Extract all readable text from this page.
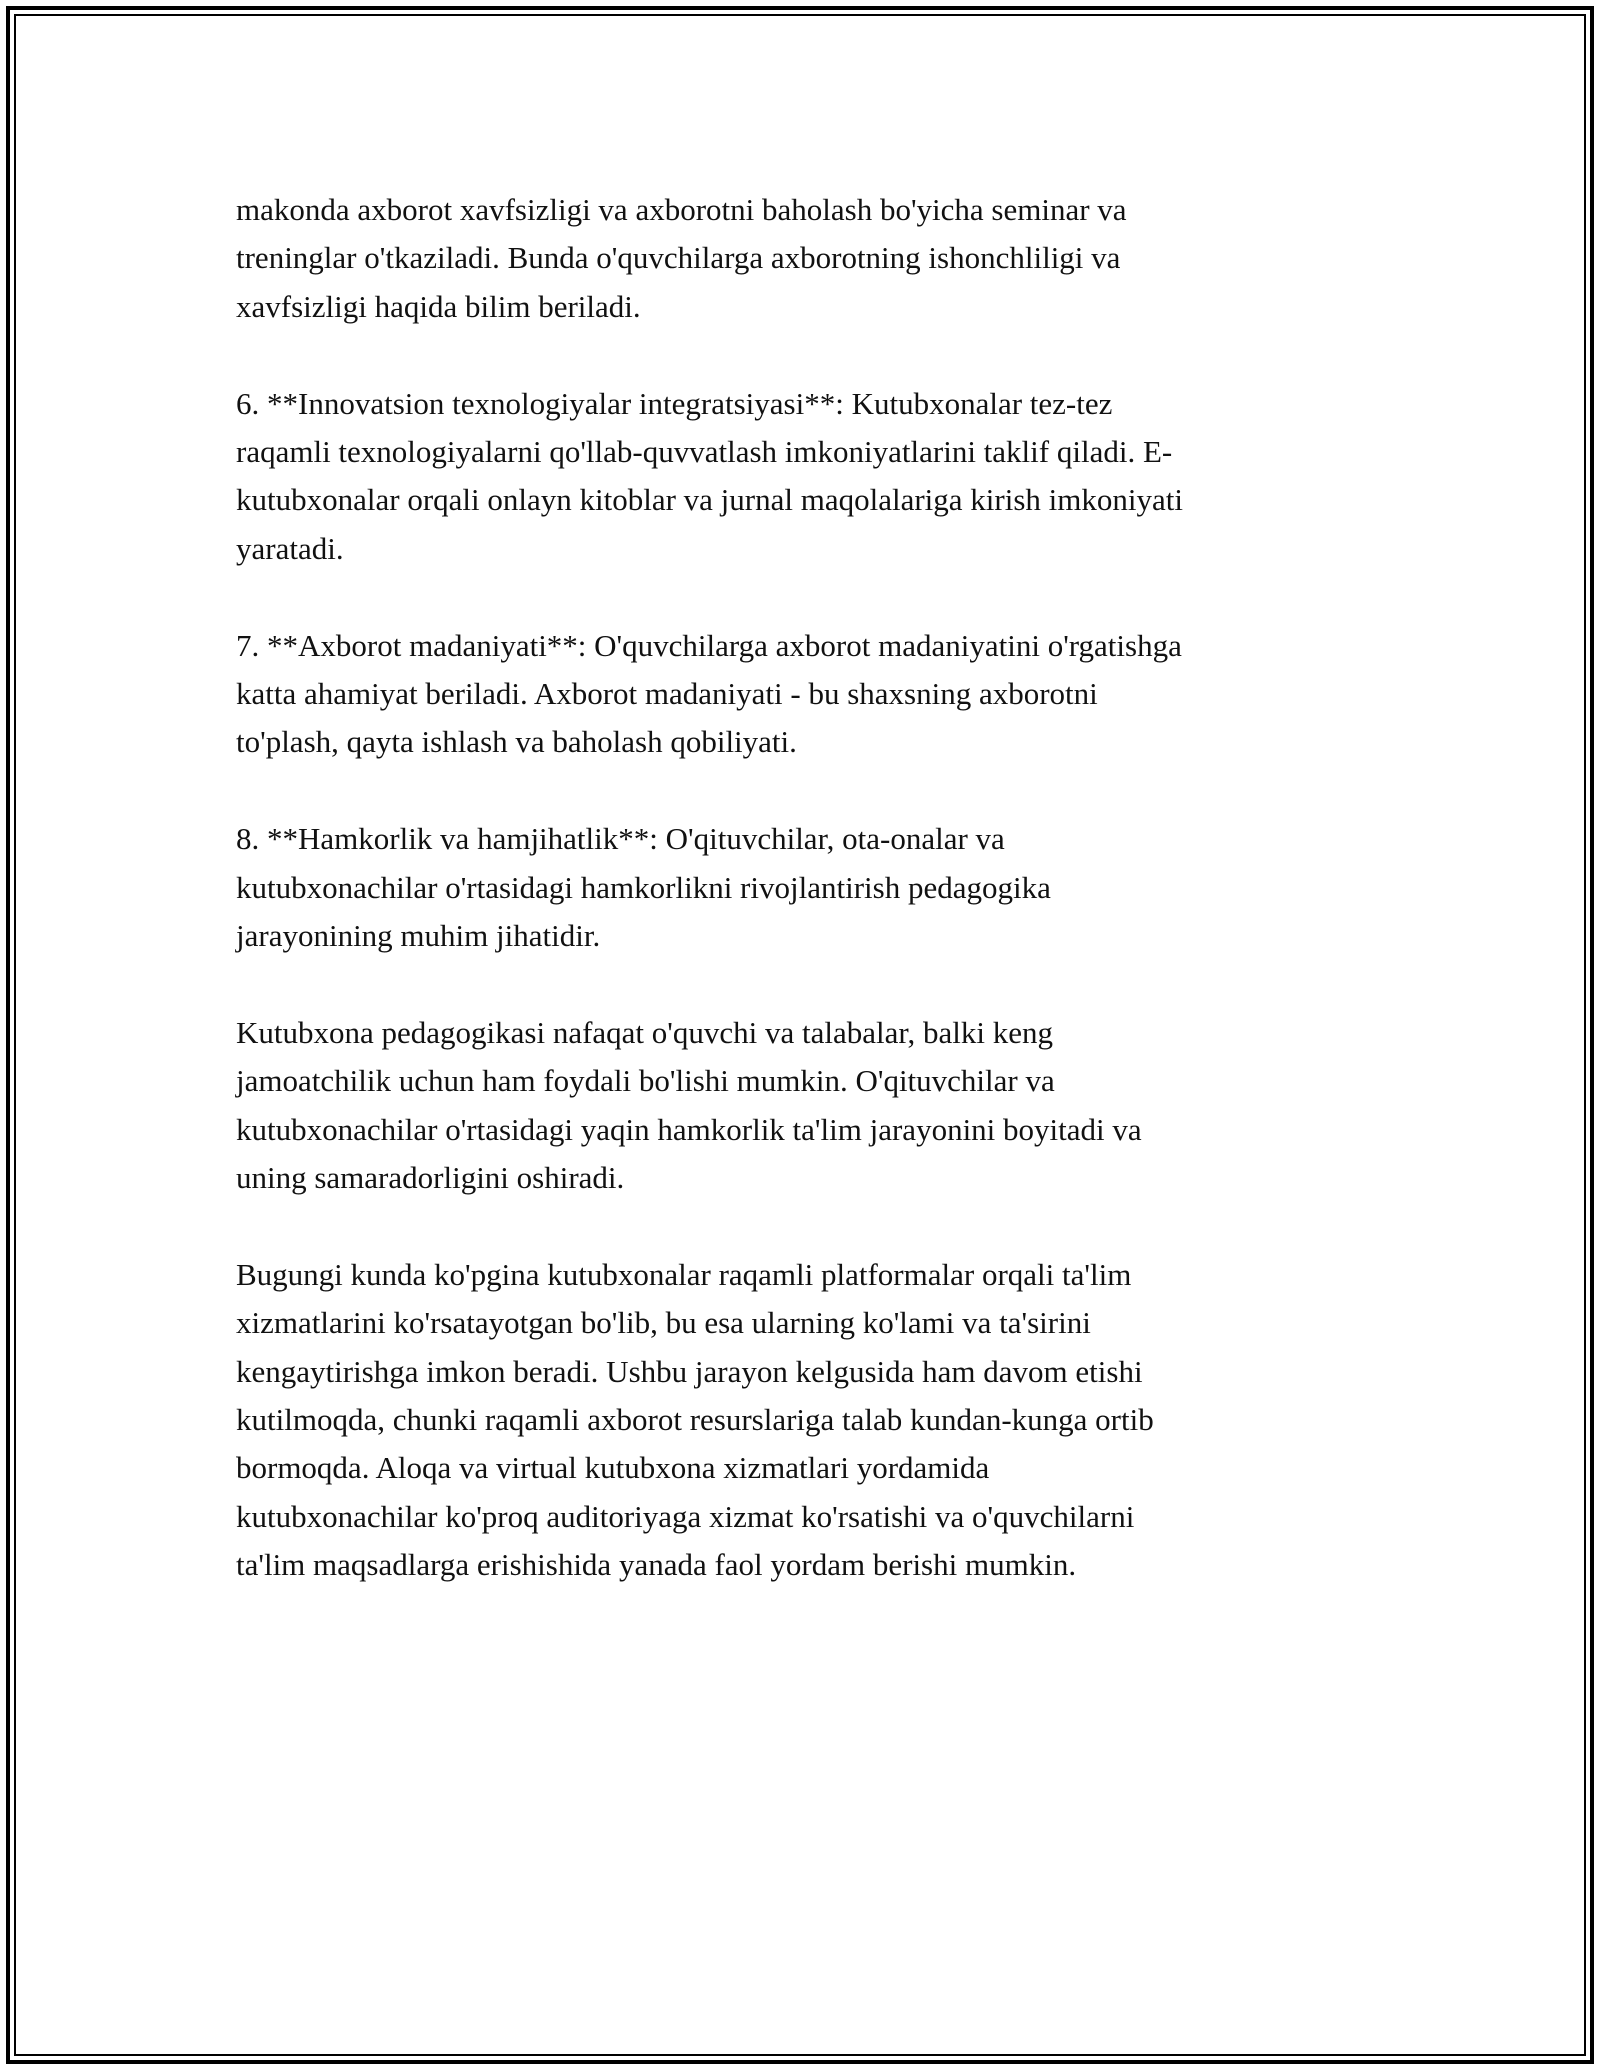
makonda axborot xavfsizligi va axborotni baholash bo'yicha seminar va
treninglar o'tkaziladi. Bunda o'quvchilarga axborotning ishonchliligi va
xavfsizligi haqida bilim beriladi.

6. **Innovatsion texnologiyalar integratsiyasi**: Kutubxonalar tez-tez
raqamli texnologiyalarni qo'llab-quvvatlash imkoniyatlarini taklif qiladi. E-
kutubxonalar orqali onlayn kitoblar va jurnal maqolalariga kirish imkoniyati
yaratadi.

7. **Axborot madaniyati**: O'quvchilarga axborot madaniyatini o'rgatishga
katta ahamiyat beriladi. Axborot madaniyati - bu shaxsning axborotni
to'plash, qayta ishlash va baholash qobiliyati.

8. **Hamkorlik va hamjihatlik**: O'qituvchilar, ota-onalar va
kutubxonachilar o'rtasidagi hamkorlikni rivojlantirish pedagogika
jarayonining muhim jihatidir.

Kutubxona pedagogikasi nafaqat o'quvchi va talabalar, balki keng
jamoatchilik uchun ham foydali bo'lishi mumkin. O'qituvchilar va
kutubxonachilar o'rtasidagi yaqin hamkorlik ta'lim jarayonini boyitadi va
uning samaradorligini oshiradi.

Bugungi kunda ko'pgina kutubxonalar raqamli platformalar orqali ta'lim
xizmatlarini ko'rsatayotgan bo'lib, bu esa ularning ko'lami va ta'sirini
kengaytirishga imkon beradi. Ushbu jarayon kelgusida ham davom etishi
kutilmoqda, chunki raqamli axborot resurslariga talab kundan-kunga ortib
bormoqda. Aloqa va virtual kutubxona xizmatlari yordamida
kutubxonachilar ko'proq auditoriyaga xizmat ko'rsatishi va o'quvchilarni
ta'lim maqsadlarga erishishida yanada faol yordam berishi mumkin.
